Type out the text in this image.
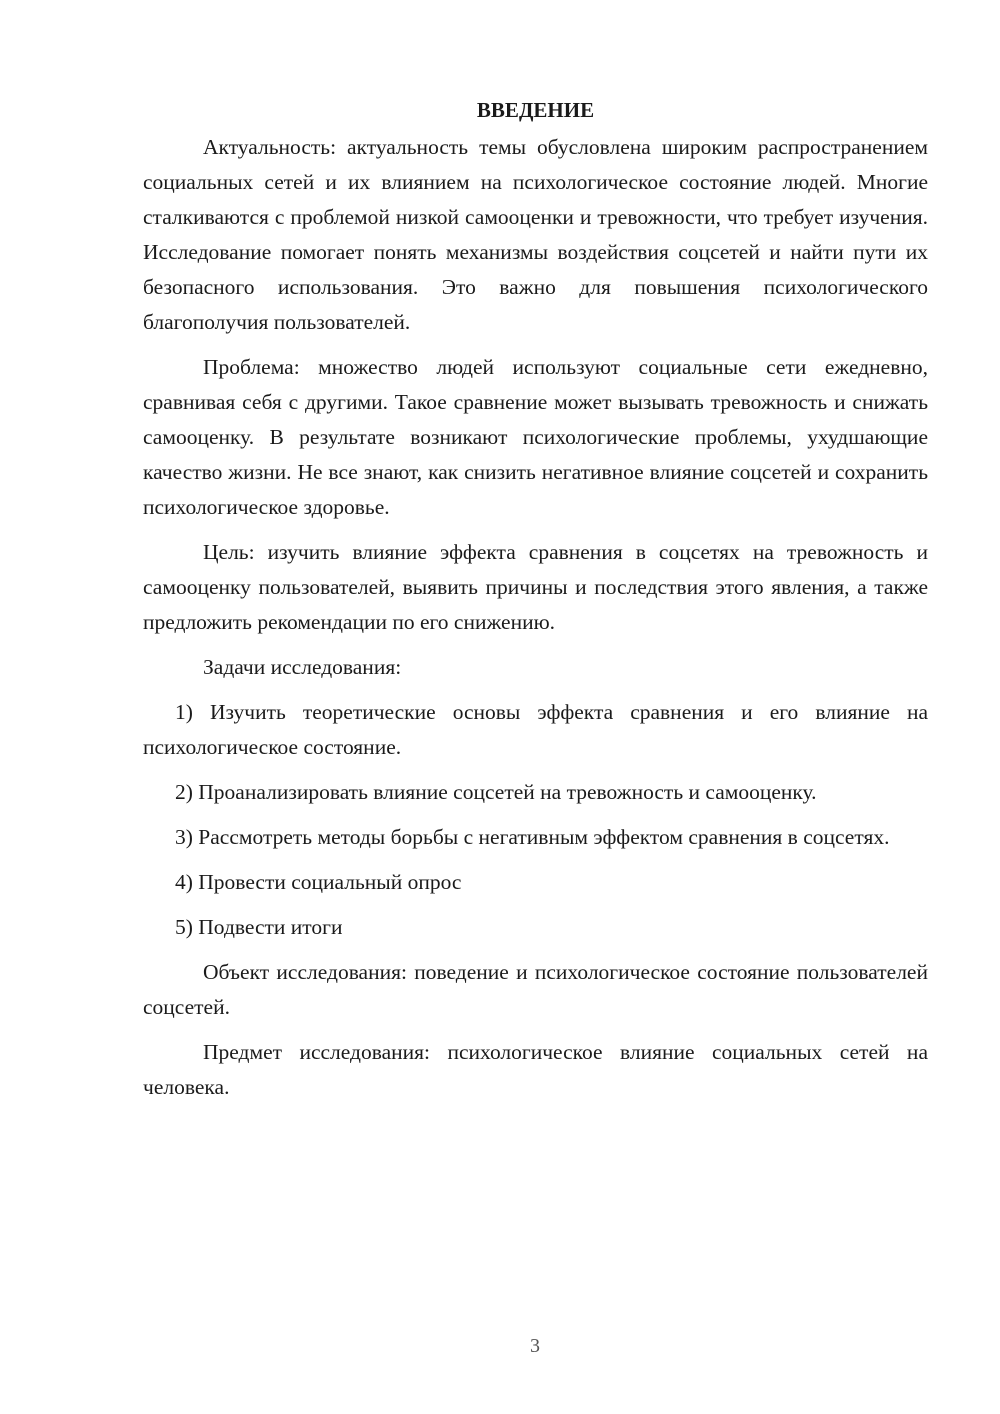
ВВЕДЕНИЕ

Актуальность: актуальность темы обусловлена широким распространением социальных сетей и их влиянием на психологическое состояние людей. Многие сталкиваются с проблемой низкой самооценки и тревожности, что требует изучения. Исследование помогает понять механизмы воздействия соцсетей и найти пути их безопасного использования. Это важно для повышения психологического благополучия пользователей.

Проблема: множество людей используют социальные сети ежедневно, сравнивая себя с другими. Такое сравнение может вызывать тревожность и снижать самооценку. В результате возникают психологические проблемы, ухудшающие качество жизни. Не все знают, как снизить негативное влияние соцсетей и сохранить психологическое здоровье.

Цель: изучить влияние эффекта сравнения в соцсетях на тревожность и самооценку пользователей, выявить причины и последствия этого явления, а также предложить рекомендации по его снижению.

Задачи исследования:

1) Изучить теоретические основы эффекта сравнения и его влияние на психологическое состояние.

2) Проанализировать влияние соцсетей на тревожность и самооценку.

3) Рассмотреть методы борьбы с негативным эффектом сравнения в соцсетях.

4) Провести социальный опрос

5) Подвести итоги

Объект исследования: поведение и психологическое состояние пользователей соцсетей.

Предмет исследования: психологическое влияние социальных сетей на человека.

3
